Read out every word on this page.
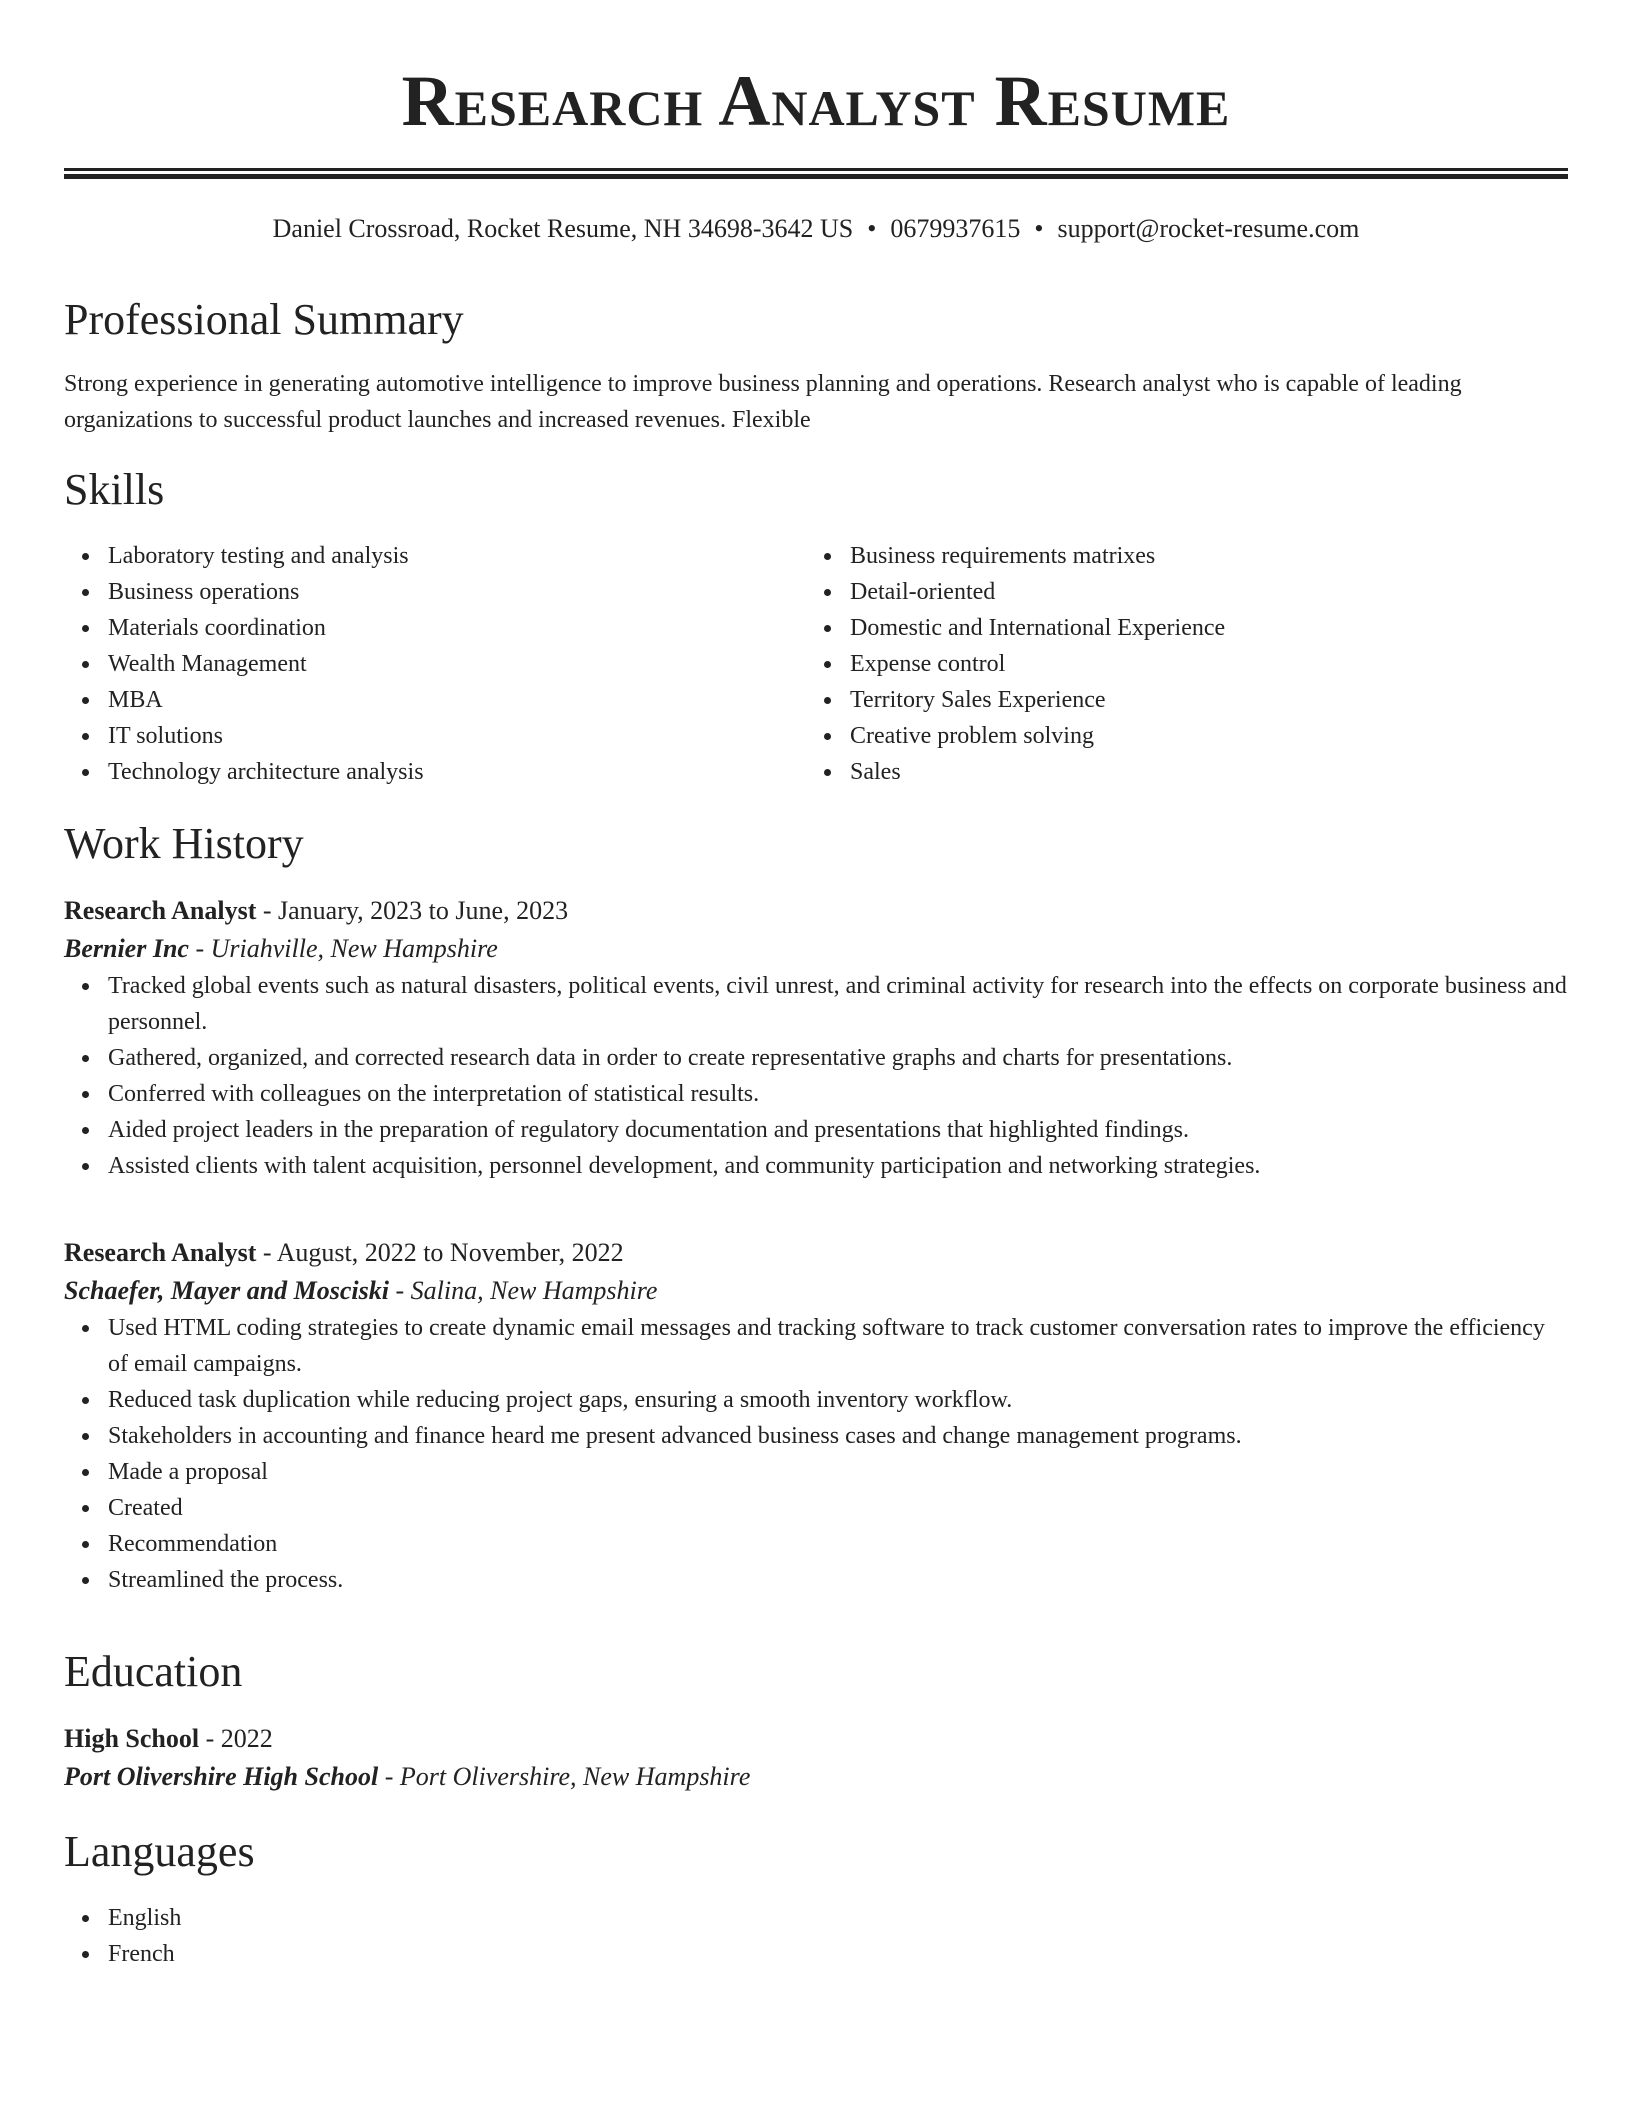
Research Analyst Resume
Daniel Crossroad, Rocket Resume, NH 34698-3642 US • 0679937615 • support@rocket-resume.com
Professional Summary

Strong experience in generating automotive intelligence to improve business planning and operations. Research analyst who is capable of leading organizations to successful product launches and increased revenues. Flexible

Skills
Laboratory testing and analysis
Business operations
Materials coordination
Wealth Management
MBA
IT solutions
Technology architecture analysis
Business requirements matrixes
Detail-oriented
Domestic and International Experience
Expense control
Territory Sales Experience
Creative problem solving
Sales
Work History

Research Analyst - January, 2023 to June, 2023

Bernier Inc - Uriahville, New Hampshire

Tracked global events such as natural disasters, political events, civil unrest, and criminal activity for research into the effects on corporate business and personnel.
Gathered, organized, and corrected research data in order to create representative graphs and charts for presentations.
Conferred with colleagues on the interpretation of statistical results.
Aided project leaders in the preparation of regulatory documentation and presentations that highlighted findings.
Assisted clients with talent acquisition, personnel development, and community participation and networking strategies.

Research Analyst - August, 2022 to November, 2022

Schaefer, Mayer and Mosciski - Salina, New Hampshire

Used HTML coding strategies to create dynamic email messages and tracking software to track customer conversation rates to improve the efficiency of email campaigns.
Reduced task duplication while reducing project gaps, ensuring a smooth inventory workflow.
Stakeholders in accounting and finance heard me present advanced business cases and change management programs.
Made a proposal
Created
Recommendation
Streamlined the process.
Education

High School - 2022

Port Olivershire High School - Port Olivershire, New Hampshire

Languages
English
French
